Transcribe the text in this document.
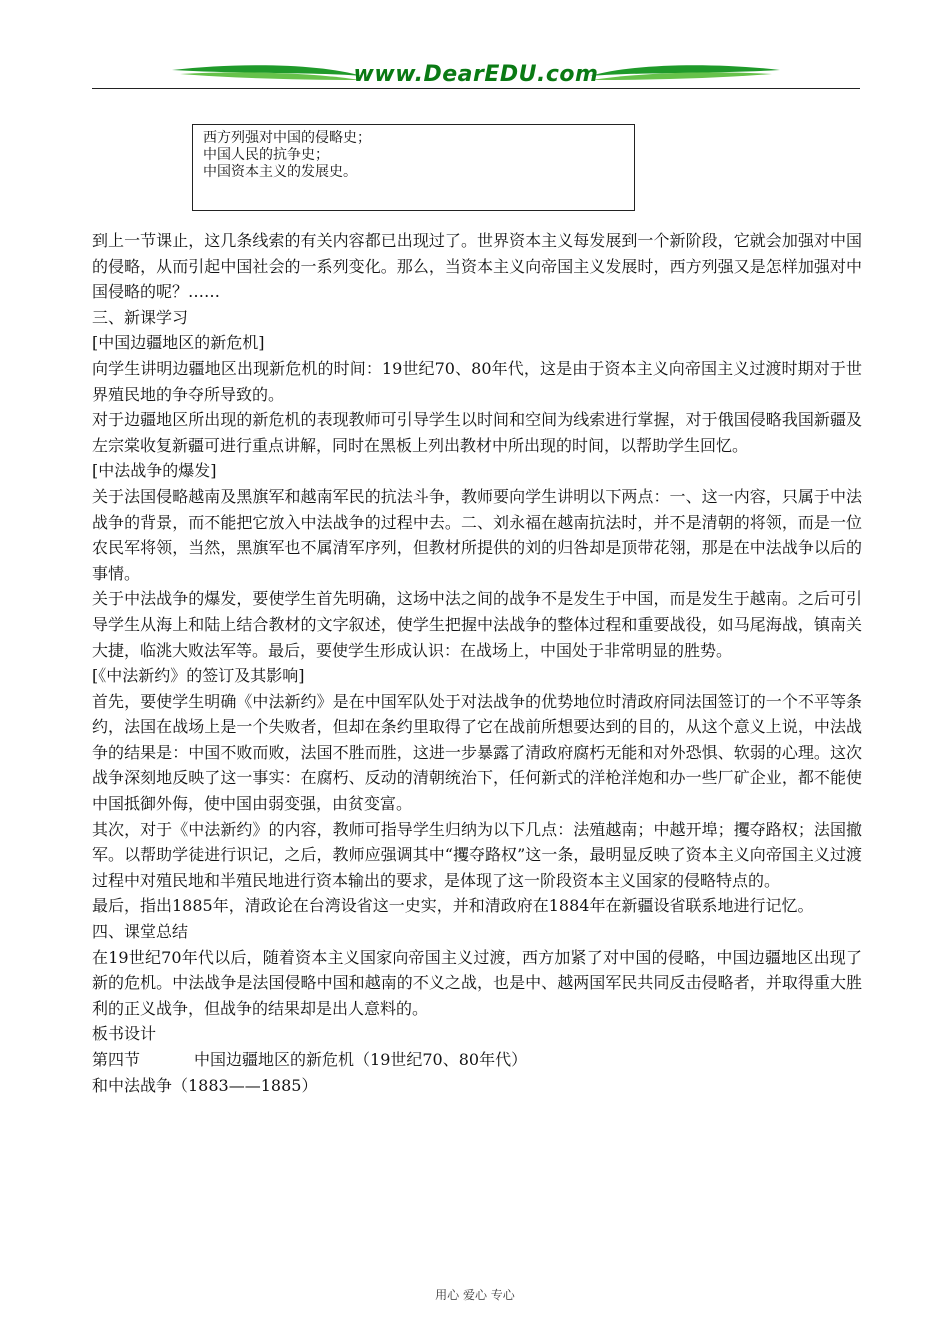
www.DearEDU.com
西方列强对中国的侵略史；
中国人民的抗争史；
中国资本主义的发展史。

到上一节课止，这几条线索的有关内容都已出现过了。世界资本主义每发展到一个新阶段，它就会加强对中国的侵略，从而引起中国社会的一系列变化。那么，当资本主义向帝国主义发展时，西方列强又是怎样加强对中国侵略的呢？……

三、新课学习

[中国边疆地区的新危机]

向学生讲明边疆地区出现新危机的时间：19世纪70、80年代，这是由于资本主义向帝国主义过渡时期对于世界殖民地的争夺所导致的。

对于边疆地区所出现的新危机的表现教师可引导学生以时间和空间为线索进行掌握，对于俄国侵略我国新疆及左宗棠收复新疆可进行重点讲解，同时在黑板上列出教材中所出现的时间，以帮助学生回忆。

[中法战争的爆发]

关于法国侵略越南及黑旗军和越南军民的抗法斗争，教师要向学生讲明以下两点：一、这一内容，只属于中法战争的背景，而不能把它放入中法战争的过程中去。二、刘永福在越南抗法时，并不是清朝的将领，而是一位农民军将领，当然，黑旗军也不属清军序列，但教材所提供的刘的归咎却是顶带花翎，那是在中法战争以后的事情。

关于中法战争的爆发，要使学生首先明确，这场中法之间的战争不是发生于中国，而是发生于越南。之后可引导学生从海上和陆上结合教材的文字叙述，使学生把握中法战争的整体过程和重要战役，如马尾海战，镇南关大捷，临洮大败法军等。最后，要使学生形成认识：在战场上，中国处于非常明显的胜势。

[《中法新约》的签订及其影响]

首先，要使学生明确《中法新约》是在中国军队处于对法战争的优势地位时清政府同法国签订的一个不平等条约，法国在战场上是一个失败者，但却在条约里取得了它在战前所想要达到的目的，从这个意义上说，中法战争的结果是：中国不败而败，法国不胜而胜，这进一步暴露了清政府腐朽无能和对外恐惧、软弱的心理。这次战争深刻地反映了这一事实：在腐朽、反动的清朝统治下，任何新式的洋枪洋炮和办一些厂矿企业，都不能使中国抵御外侮，使中国由弱变强，由贫变富。

其次，对于《中法新约》的内容，教师可指导学生归纳为以下几点：法殖越南；中越开埠；攫夺路权；法国撤军。以帮助学徒进行识记，之后，教师应强调其中“攫夺路权”这一条，最明显反映了资本主义向帝国主义过渡过程中对殖民地和半殖民地进行资本输出的要求，是体现了这一阶段资本主义国家的侵略特点的。

最后，指出1885年，清政论在台湾设省这一史实，并和清政府在1884年在新疆设省联系地进行记忆。

四、课堂总结

在19世纪70年代以后，随着资本主义国家向帝国主义过渡，西方加紧了对中国的侵略，中国边疆地区出现了新的危机。中法战争是法国侵略中国和越南的不义之战，也是中、越两国军民共同反击侵略者，并取得重大胜利的正义战争，但战争的结果却是出人意料的。

板书设计

第四节	中国边疆地区的新危机（19世纪70、80年代）

和中法战争（1883——1885）

用心 爱心 专心
